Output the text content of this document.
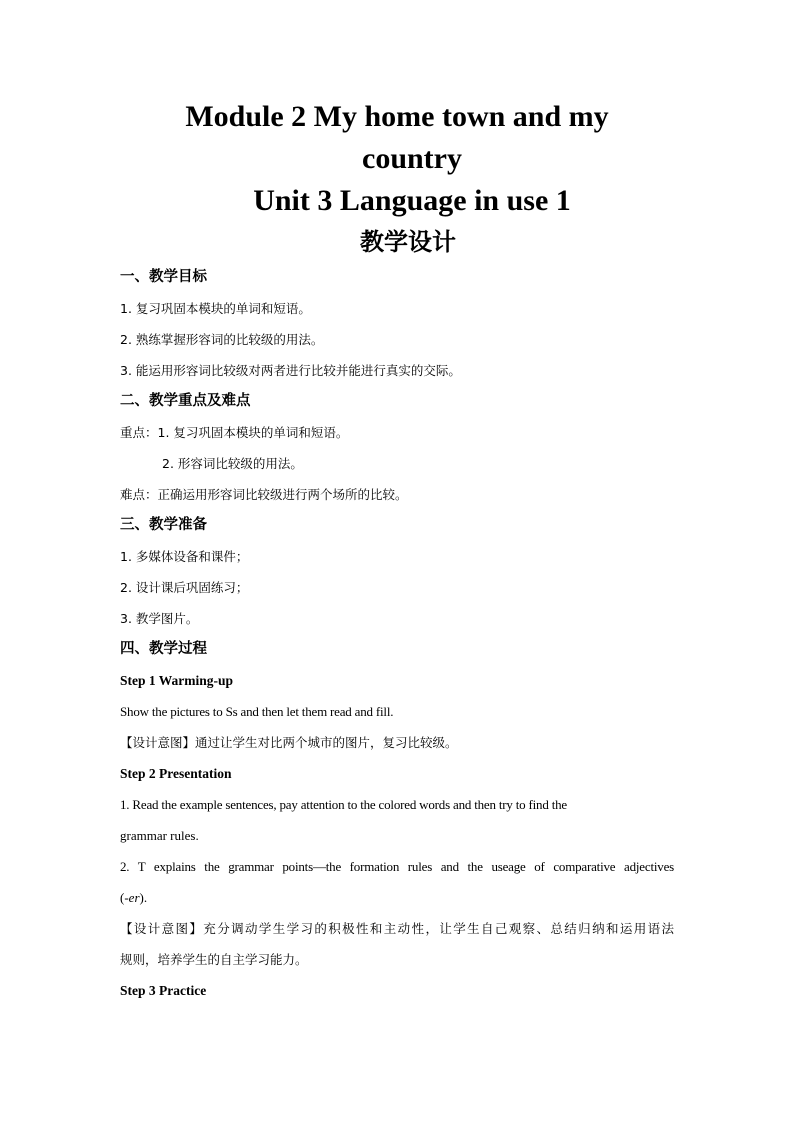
Module 2 My home town and my
country
Unit 3 Language in use 1
教学设计
一、教学目标
1. 复习巩固本模块的单词和短语。
2. 熟练掌握形容词的比较级的用法。
3. 能运用形容词比较级对两者进行比较并能进行真实的交际。
二、教学重点及难点
重点：1. 复习巩固本模块的单词和短语。
2. 形容词比较级的用法。
难点：正确运用形容词比较级进行两个场所的比较。
三、教学准备
1. 多媒体设备和课件；
2. 设计课后巩固练习；
3. 教学图片。
四、教学过程
Step 1 Warming-up
Show the pictures to Ss and then let them read and fill.
【设计意图】通过让学生对比两个城市的图片，复习比较级。
Step 2 Presentation
1. Read the example sentences, pay attention to the colored words and then try to find the
grammar rules.
2. T explains the grammar points—the formation rules and the useage of comparative adjectives
(-er).
【设计意图】充分调动学生学习的积极性和主动性，让学生自己观察、总结归纳和运用语法
规则，培养学生的自主学习能力。
Step 3 Practice
